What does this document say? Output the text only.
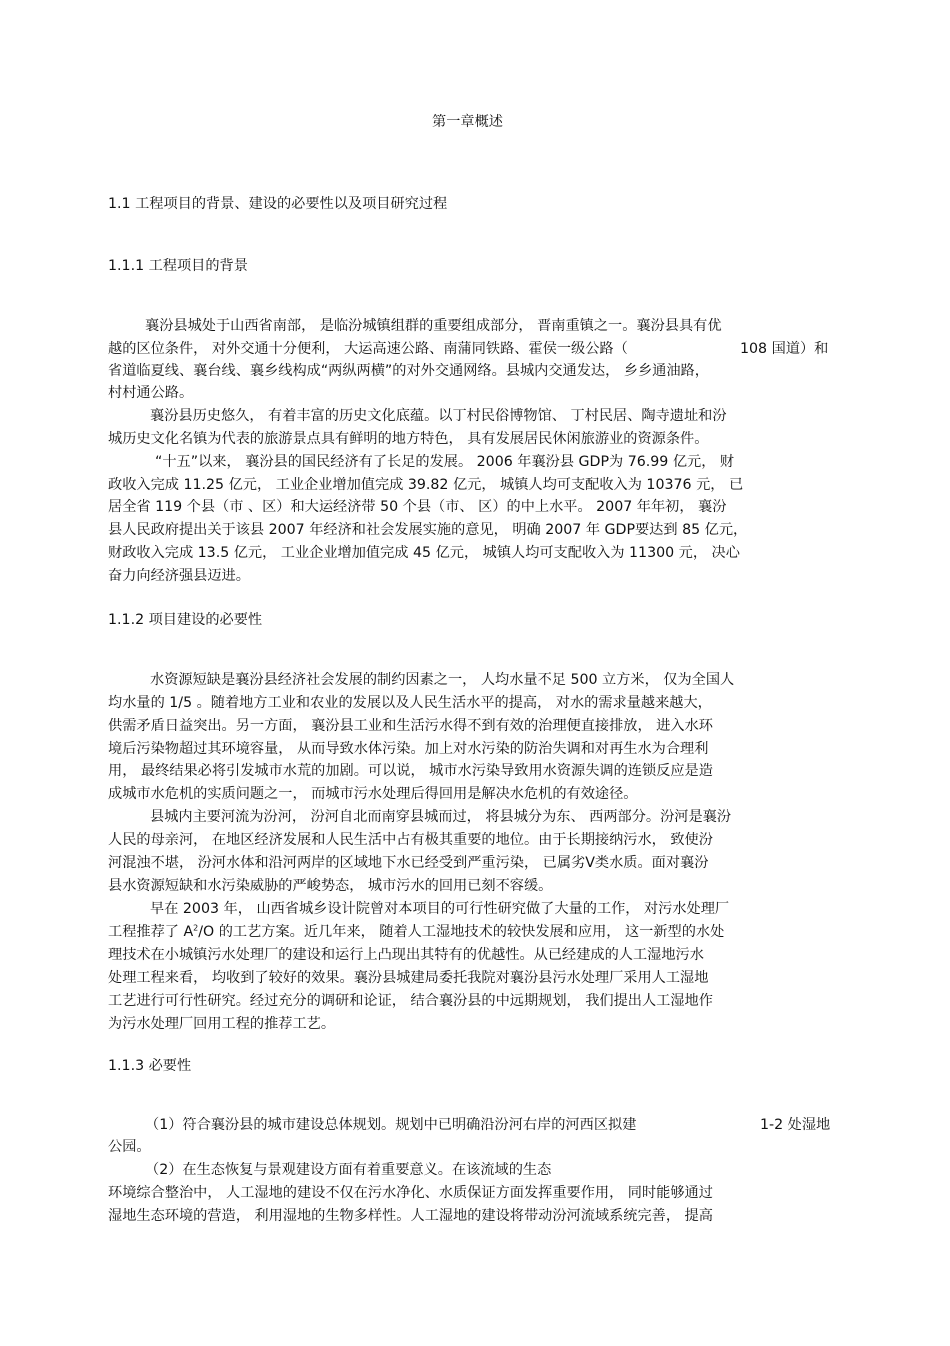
第一章概述

1.1 工程项目的背景、建设的必要性以及项目研究过程

1.1.1 工程项目的背景

襄汾县城处于山西省南部， 是临汾城镇组群的重要组成部分， 晋南重镇之一。襄汾县具有优

越的区位条件， 对外交通十分便利， 大运高速公路、南蒲同铁路、霍侯一级公路（	108 国道）和

省道临夏线、襄台线、襄乡线构成“两纵两横”的对外交通网络。县城内交通发达， 乡乡通油路，

村村通公路。

襄汾县历史悠久， 有着丰富的历史文化底蕴。以丁村民俗博物馆、 丁村民居、陶寺遗址和汾

城历史文化名镇为代表的旅游景点具有鲜明的地方特色， 具有发展居民休闲旅游业的资源条件。

“十五”以来， 襄汾县的国民经济有了长足的发展。 2006 年襄汾县 GDP为 76.99 亿元， 财

政收入完成 11.25 亿元， 工业企业增加值完成 39.82 亿元， 城镇人均可支配收入为 10376 元， 已

居全省 119 个县（市 、区）和大运经济带 50 个县（市、 区）的中上水平。 2007 年年初， 襄汾

县人民政府提出关于该县 2007 年经济和社会发展实施的意见， 明确 2007 年 GDP要达到 85 亿元，

财政收入完成 13.5 亿元， 工业企业增加值完成 45 亿元， 城镇人均可支配收入为 11300 元， 决心

奋力向经济强县迈进。

1.1.2 项目建设的必要性

水资源短缺是襄汾县经济社会发展的制约因素之一， 人均水量不足 500 立方米， 仅为全国人

均水量的 1/5 。随着地方工业和农业的发展以及人民生活水平的提高， 对水的需求量越来越大，

供需矛盾日益突出。另一方面， 襄汾县工业和生活污水得不到有效的治理便直接排放， 进入水环

境后污染物超过其环境容量， 从而导致水体污染。加上对水污染的防治失调和对再生水为合理利

用， 最终结果必将引发城市水荒的加剧。可以说， 城市水污染导致用水资源失调的连锁反应是造

成城市水危机的实质问题之一， 而城市污水处理后得回用是解决水危机的有效途径。

县城内主要河流为汾河， 汾河自北而南穿县城而过， 将县城分为东、 西两部分。汾河是襄汾

人民的母亲河， 在地区经济发展和人民生活中占有极其重要的地位。由于长期接纳污水， 致使汾

河混浊不堪， 汾河水体和沿河两岸的区域地下水已经受到严重污染， 已属劣Ⅴ类水质。面对襄汾

县水资源短缺和水污染威胁的严峻势态， 城市污水的回用已刻不容缓。

早在 2003 年， 山西省城乡设计院曾对本项目的可行性研究做了大量的工作， 对污水处理厂

工程推荐了 $A^2/O$ 的工艺方案。近几年来， 随着人工湿地技术的较快发展和应用， 这一新型的水处

理技术在小城镇污水处理厂的建设和运行上凸现出其特有的优越性。从已经建成的人工湿地污水

处理工程来看， 均收到了较好的效果。襄汾县城建局委托我院对襄汾县污水处理厂采用人工湿地

工艺进行可行性研究。经过充分的调研和论证， 结合襄汾县的中远期规划， 我们提出人工湿地作

为污水处理厂回用工程的推荐工艺。

1.1.3 必要性

（1）符合襄汾县的城市建设总体规划。规划中已明确沿汾河右岸的河西区拟建	1-2 处湿地

公园。

（2）在生态恢复与景观建设方面有着重要意义。在该流域的生态

环境综合整治中， 人工湿地的建设不仅在污水净化、水质保证方面发挥重要作用， 同时能够通过

湿地生态环境的营造， 利用湿地的生物多样性。人工湿地的建设将带动汾河流域系统完善， 提高
